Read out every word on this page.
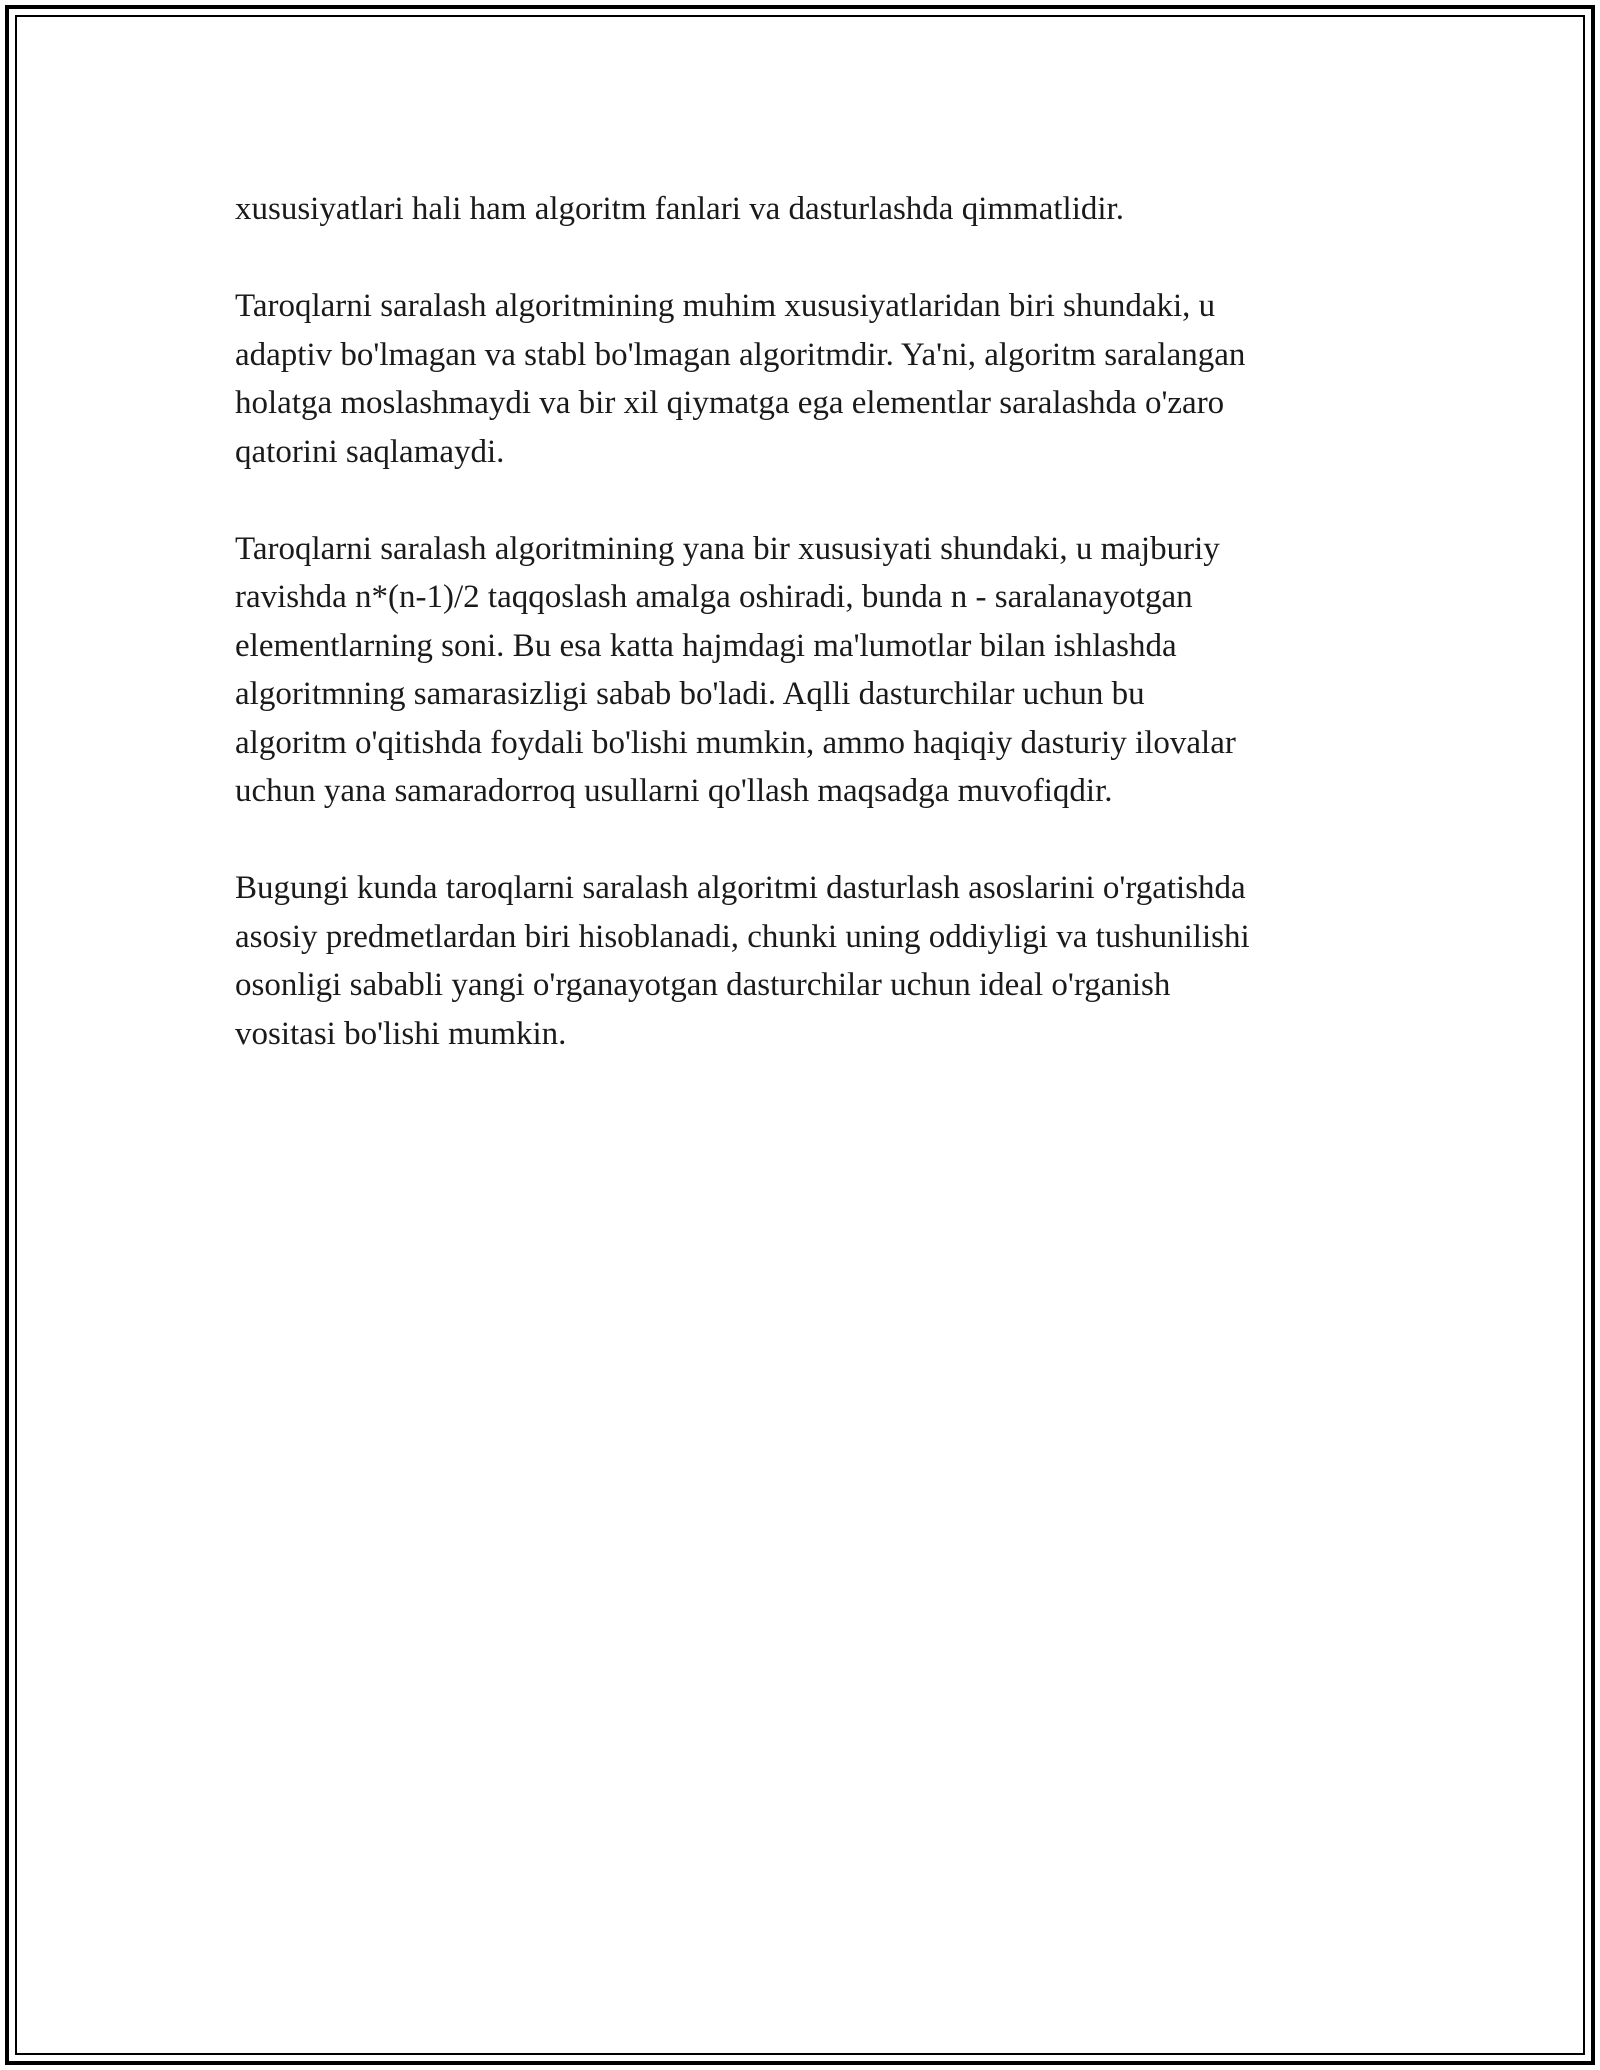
xususiyatlari hali ham algoritm fanlari va dasturlashda qimmatlidir.

Taroqlarni saralash algoritmining muhim xususiyatlaridan biri shundaki, u
adaptiv bo'lmagan va stabl bo'lmagan algoritmdir. Ya'ni, algoritm saralangan
holatga moslashmaydi va bir xil qiymatga ega elementlar saralashda o'zaro
qatorini saqlamaydi.

Taroqlarni saralash algoritmining yana bir xususiyati shundaki, u majburiy
ravishda n*(n-1)/2 taqqoslash amalga oshiradi, bunda n - saralanayotgan
elementlarning soni. Bu esa katta hajmdagi ma'lumotlar bilan ishlashda
algoritmning samarasizligi sabab bo'ladi. Aqlli dasturchilar uchun bu
algoritm o'qitishda foydali bo'lishi mumkin, ammo haqiqiy dasturiy ilovalar
uchun yana samaradorroq usullarni qo'llash maqsadga muvofiqdir.

Bugungi kunda taroqlarni saralash algoritmi dasturlash asoslarini o'rgatishda
asosiy predmetlardan biri hisoblanadi, chunki uning oddiyligi va tushunilishi
osonligi sababli yangi o'rganayotgan dasturchilar uchun ideal o'rganish
vositasi bo'lishi mumkin.
